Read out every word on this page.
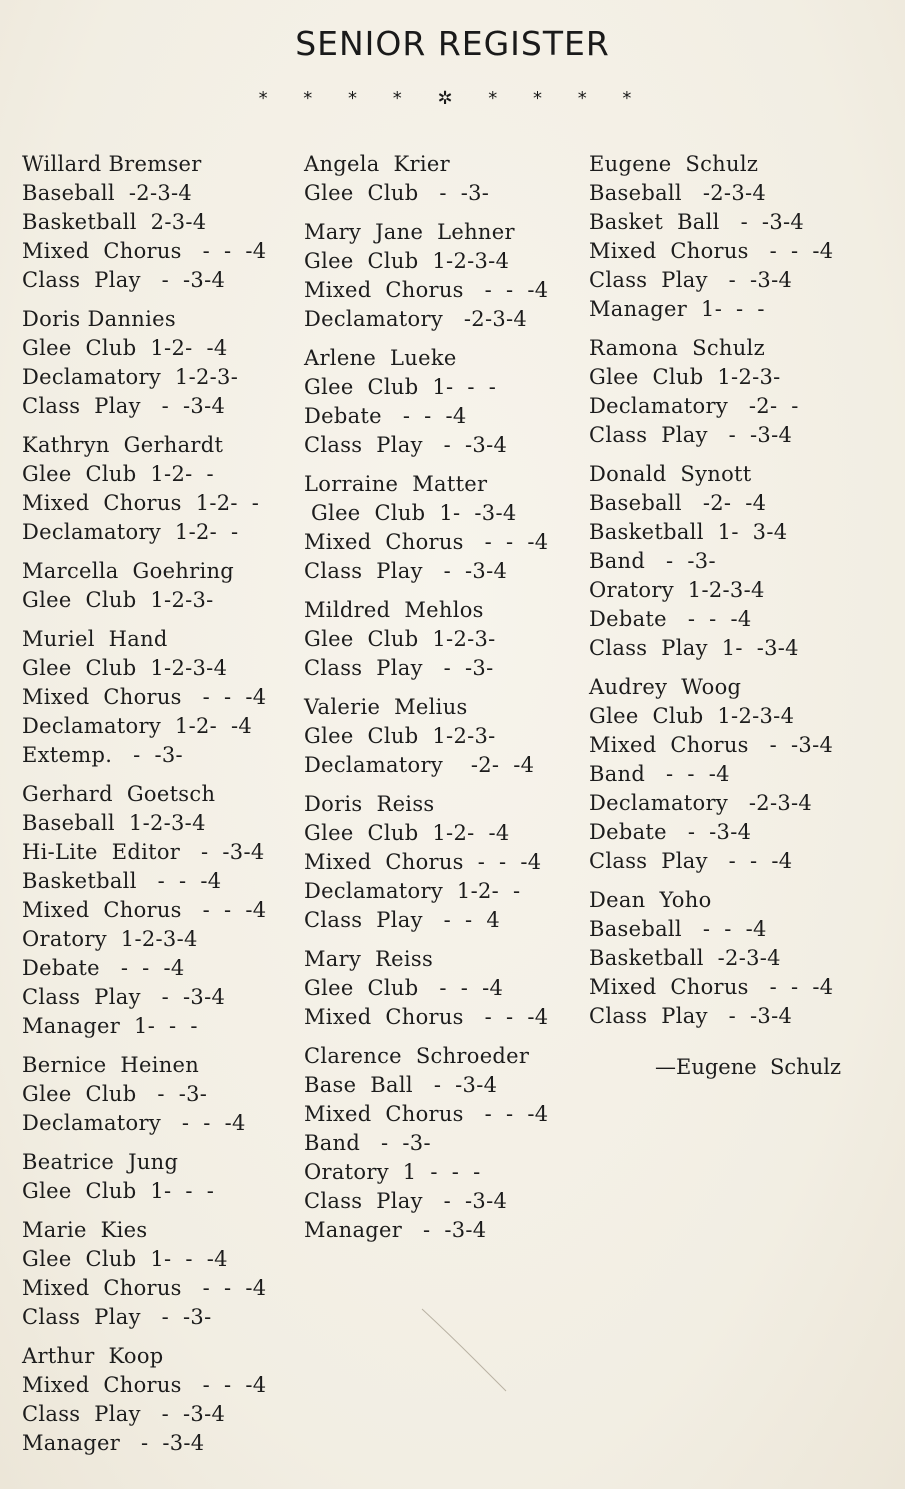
SENIOR REGISTER
* * * * ✲ * * * *
Willard Bremser
Baseball  -2-3-4
Basketball  2-3-4
Mixed  Chorus   -  -  -4
Class  Play   -  -3-4
Doris Dannies
Glee  Club  1-2-  -4
Declamatory  1-2-3-
Class  Play   -  -3-4
Kathryn  Gerhardt
Glee  Club  1-2-  -
Mixed  Chorus  1-2-  -
Declamatory  1-2-  -
Marcella  Goehring
Glee  Club  1-2-3-
Muriel  Hand
Glee  Club  1-2-3-4
Mixed  Chorus   -  -  -4
Declamatory  1-2-  -4
Extemp.   -  -3-
Gerhard  Goetsch
Baseball  1-2-3-4
Hi-Lite  Editor   -  -3-4
Basketball   -  -  -4
Mixed  Chorus   -  -  -4
Oratory  1-2-3-4
Debate   -  -  -4
Class  Play   -  -3-4
Manager  1-  -  -
Bernice  Heinen
Glee  Club   -  -3-
Declamatory   -  -  -4
Beatrice  Jung
Glee  Club  1-  -  -
Marie  Kies
Glee  Club  1-  -  -4
Mixed  Chorus   -  -  -4
Class  Play   -  -3-
Arthur  Koop
Mixed  Chorus   -  -  -4
Class  Play   -  -3-4
Manager   -  -3-4
Angela  Krier
Glee  Club   -  -3-
Mary  Jane  Lehner
Glee  Club  1-2-3-4
Mixed  Chorus   -  -  -4
Declamatory   -2-3-4
Arlene  Lueke
Glee  Club  1-  -  -
Debate   -  -  -4
Class  Play   -  -3-4
Lorraine  Matter
Glee  Club  1-  -3-4
Mixed  Chorus   -  -  -4
Class  Play   -  -3-4
Mildred  Mehlos
Glee  Club  1-2-3-
Class  Play   -  -3-
Valerie  Melius
Glee  Club  1-2-3-
Declamatory    -2-  -4
Doris  Reiss
Glee  Club  1-2-  -4
Mixed  Chorus  -  -  -4
Declamatory  1-2-  -
Class  Play   -  -  4
Mary  Reiss
Glee  Club   -  -  -4
Mixed  Chorus   -  -  -4
Clarence  Schroeder
Base  Ball   -  -3-4
Mixed  Chorus   -  -  -4
Band   -  -3-
Oratory  1  -  -  -
Class  Play   -  -3-4
Manager   -  -3-4
Eugene  Schulz
Baseball   -2-3-4
Basket  Ball   -  -3-4
Mixed  Chorus   -  -  -4
Class  Play   -  -3-4
Manager  1-  -  -
Ramona  Schulz
Glee  Club  1-2-3-
Declamatory   -2-  -
Class  Play   -  -3-4
Donald  Synott
Baseball   -2-  -4
Basketball  1-  3-4
Band   -  -3-
Oratory  1-2-3-4
Debate   -  -  -4
Class  Play  1-  -3-4
Audrey  Woog
Glee  Club  1-2-3-4
Mixed  Chorus   -  -3-4
Band   -  -  -4
Declamatory   -2-3-4
Debate   -  -3-4
Class  Play   -  -  -4
Dean  Yoho
Baseball   -  -  -4
Basketball  -2-3-4
Mixed  Chorus   -  -  -4
Class  Play   -  -3-4
—Eugene  Schulz
